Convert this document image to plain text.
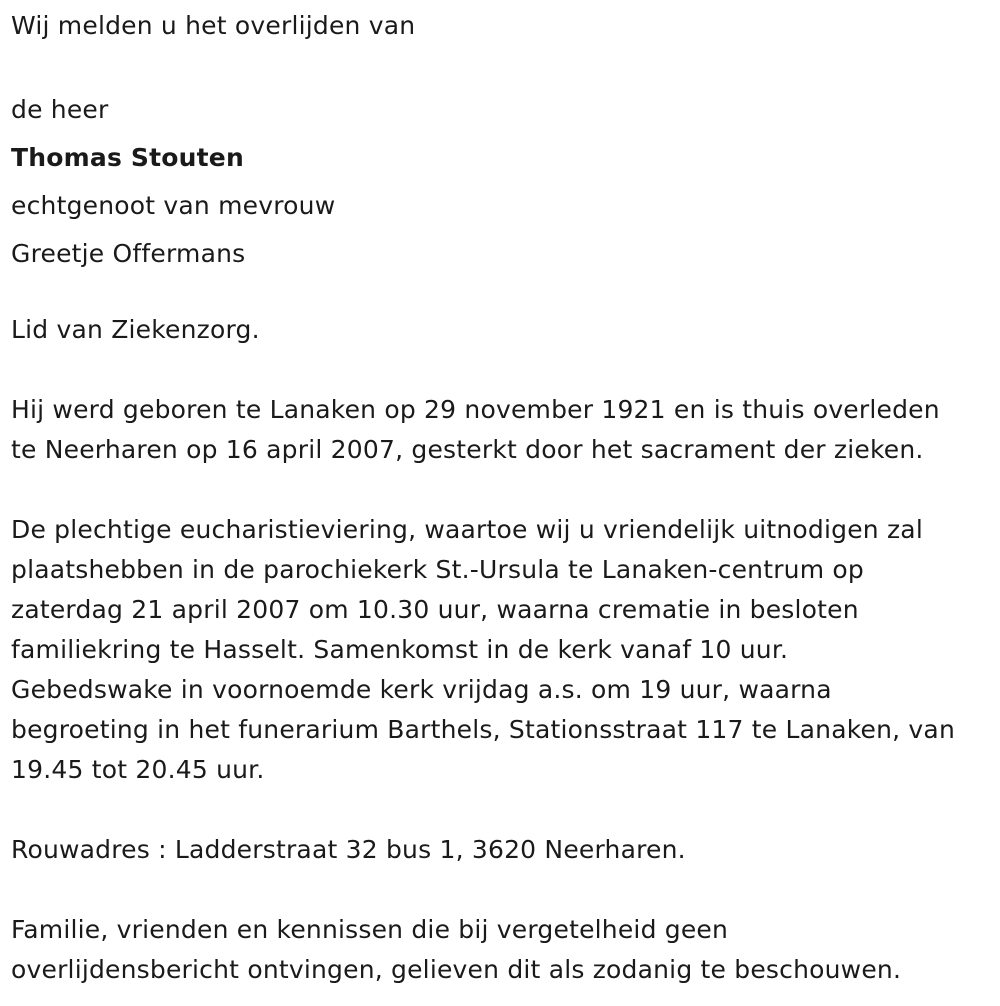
Wij melden u het overlijden van
de heer
Thomas Stouten
echtgenoot van mevrouw
Greetje Offermans
Lid van Ziekenzorg.
Hij werd geboren te Lanaken op 29 november 1921 en is thuis overleden
te Neerharen op 16 april 2007, gesterkt door het sacrament der zieken.
De plechtige eucharistieviering, waartoe wij u vriendelijk uitnodigen zal
plaatshebben in de parochiekerk St.-Ursula te Lanaken-centrum op
zaterdag 21 april 2007 om 10.30 uur, waarna crematie in besloten
familiekring te Hasselt. Samenkomst in de kerk vanaf 10 uur.
Gebedswake in voornoemde kerk vrijdag a.s. om 19 uur, waarna
begroeting in het funerarium Barthels, Stationsstraat 117 te Lanaken, van
19.45 tot 20.45 uur.
Rouwadres : Ladderstraat 32 bus 1, 3620 Neerharen.
Familie, vrienden en kennissen die bij vergetelheid geen
overlijdensbericht ontvingen, gelieven dit als zodanig te beschouwen.
